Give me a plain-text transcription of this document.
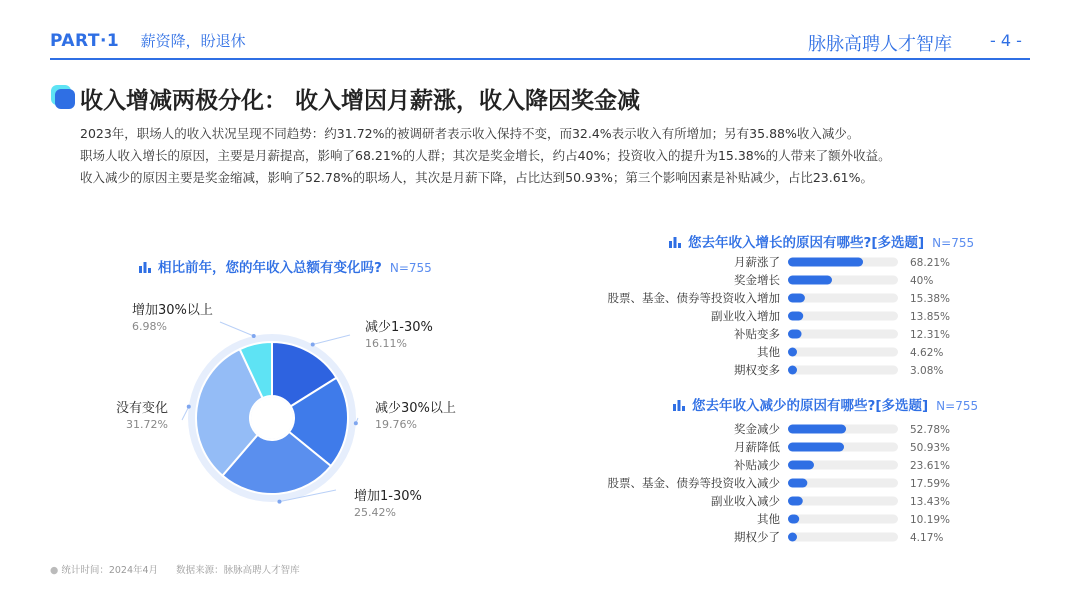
PART·1 薪资降，盼退休	脉脉高聘人才智库 - 4 -
收入增减两极分化： 收入增因月薪涨，收入降因奖金减
2023年，职场人的收入状况呈现不同趋势：约31.72%的被调研者表示收入保持不变，而32.4%表示收入有所增加；另有35.88%收入减少。
职场人收入增长的原因，主要是月薪提高，影响了68.21%的人群；其次是奖金增长，约占40%；投资收入的提升为15.38%的人带来了额外收益。
收入减少的原因主要是奖金缩减，影响了52.78%的职场人，其次是月薪下降，占比达到50.93%；第三个影响因素是补贴减少，占比23.61%。
相比前年，您的年收入总额有变化吗? N=755
减少1-30%
16.11%
减少30%以上
19.76%
增加1-30%
25.42%
没有变化
31.72%
增加30%以上
6.98%
您去年收入增长的原因有哪些?[多选题] N=755
月薪涨了	68.21%
奖金增长	40%
股票、基金、债券等投资收入增加	15.38%
副业收入增加	13.85%
补贴变多	12.31%
其他	4.62%
期权变多	3.08%
您去年收入减少的原因有哪些?[多选题] N=755
奖金减少	52.78%
月薪降低	50.93%
补贴减少	23.61%
股票、基金、债券等投资收入减少	17.59%
副业收入减少	13.43%
其他	10.19%
期权少了	4.17%
● 统计时间：2024年4月 数据来源：脉脉高聘人才智库
